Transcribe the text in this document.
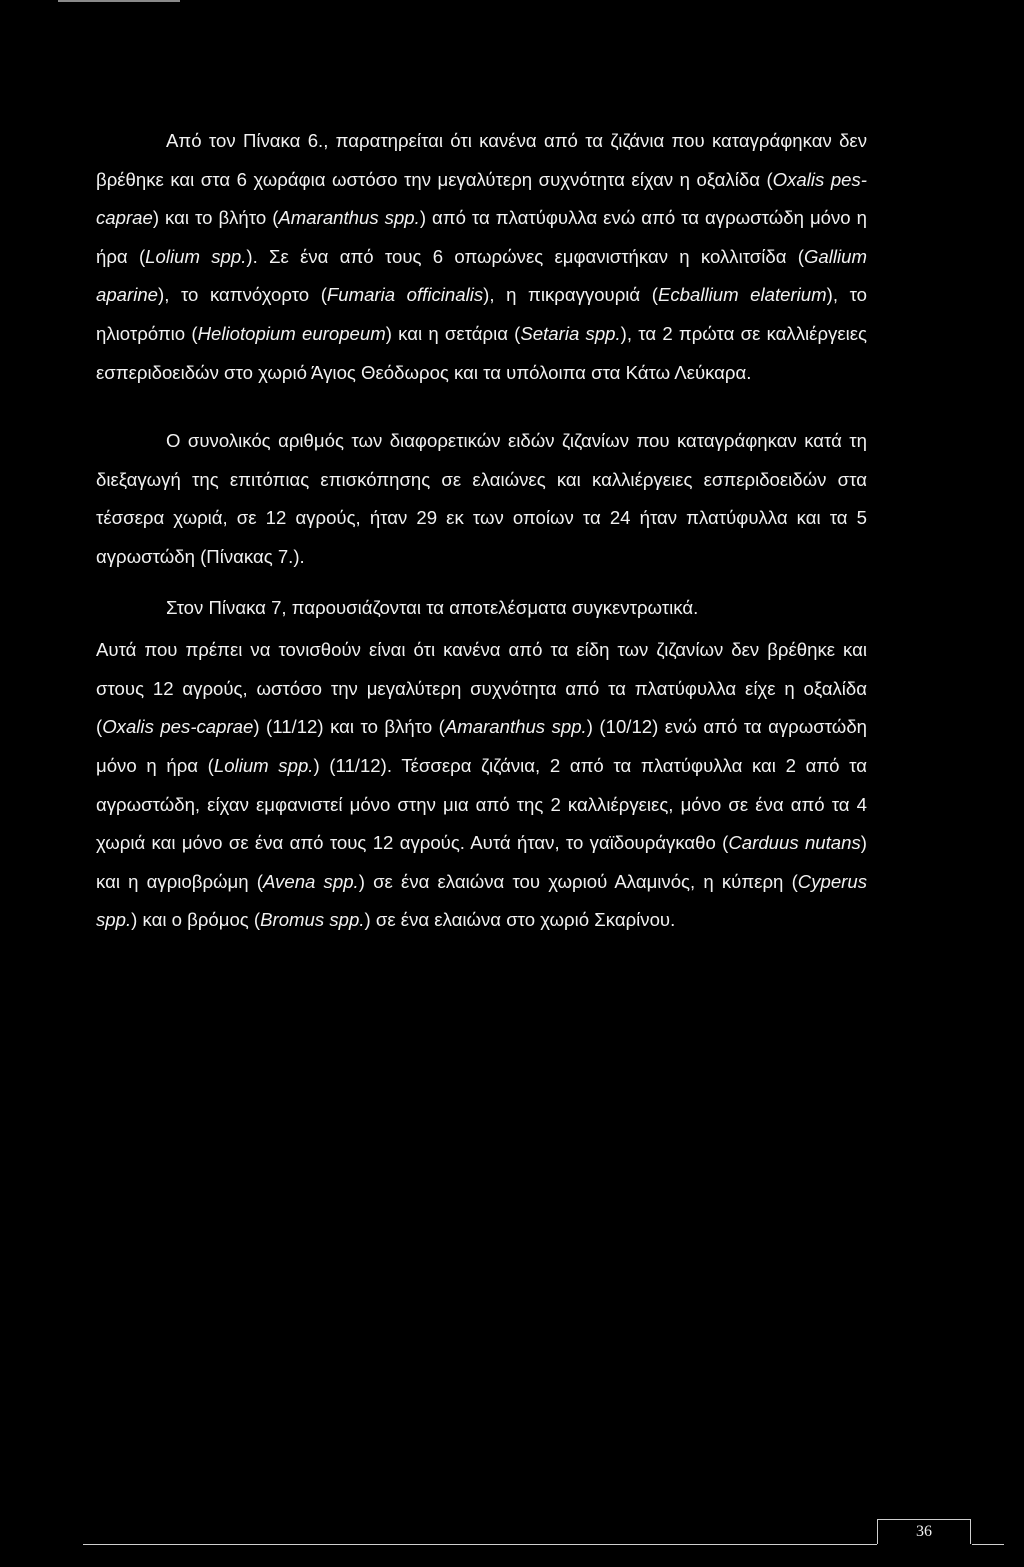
Από τον Πίνακα 6., παρατηρείται ότι κανένα από τα ζιζάνια που καταγράφηκαν δεν βρέθηκε και στα 6 χωράφια ωστόσο την μεγαλύτερη συχνότητα είχαν η οξαλίδα (Oxalis pes-caprae) και το βλήτο (Amaranthus spp.) από τα πλατύφυλλα ενώ από τα αγρωστώδη μόνο η ήρα (Lolium spp.). Σε ένα από τους 6 οπωρώνες εμφανιστήκαν η κολλιτσίδα (Gallium aparine), το καπνόχορτο (Fumaria officinalis), η πικραγγουριά (Ecballium elaterium), το ηλιοτρόπιο (Heliotopium europeum) και η σετάρια (Setaria spp.), τα 2 πρώτα σε καλλιέργειες εσπεριδοειδών στο χωριό Άγιος Θεόδωρος και τα υπόλοιπα στα Κάτω Λεύκαρα.

Ο συνολικός αριθμός των διαφορετικών ειδών ζιζανίων που καταγράφηκαν κατά τη διεξαγωγή της επιτόπιας επισκόπησης σε ελαιώνες και καλλιέργειες εσπεριδοειδών στα τέσσερα χωριά, σε 12 αγρούς, ήταν 29 εκ των οποίων τα 24 ήταν πλατύφυλλα και τα 5 αγρωστώδη (Πίνακας 7.).

Στον Πίνακα 7, παρουσιάζονται τα αποτελέσματα συγκεντρωτικά.

Αυτά που πρέπει να τονισθούν είναι ότι κανένα από τα είδη των ζιζανίων δεν βρέθηκε και στους 12 αγρούς, ωστόσο την μεγαλύτερη συχνότητα από τα πλατύφυλλα είχε η οξαλίδα (Oxalis pes-caprae) (11/12) και το βλήτο (Amaranthus spp.) (10/12) ενώ από τα αγρωστώδη μόνο η ήρα (Lolium spp.) (11/12). Τέσσερα ζιζάνια, 2 από τα πλατύφυλλα και 2 από τα αγρωστώδη, είχαν εμφανιστεί μόνο στην μια από της 2 καλλιέργειες, μόνο σε ένα από τα 4 χωριά και μόνο σε ένα από τους 12 αγρούς. Αυτά ήταν, το γαϊδουράγκαθο (Carduus nutans) και η αγριοβρώμη (Avena spp.) σε ένα ελαιώνα του χωριού Αλαμινός, η κύπερη (Cyperus spp.) και ο βρόμος (Bromus spp.) σε ένα ελαιώνα στο χωριό Σκαρίνου.

36
